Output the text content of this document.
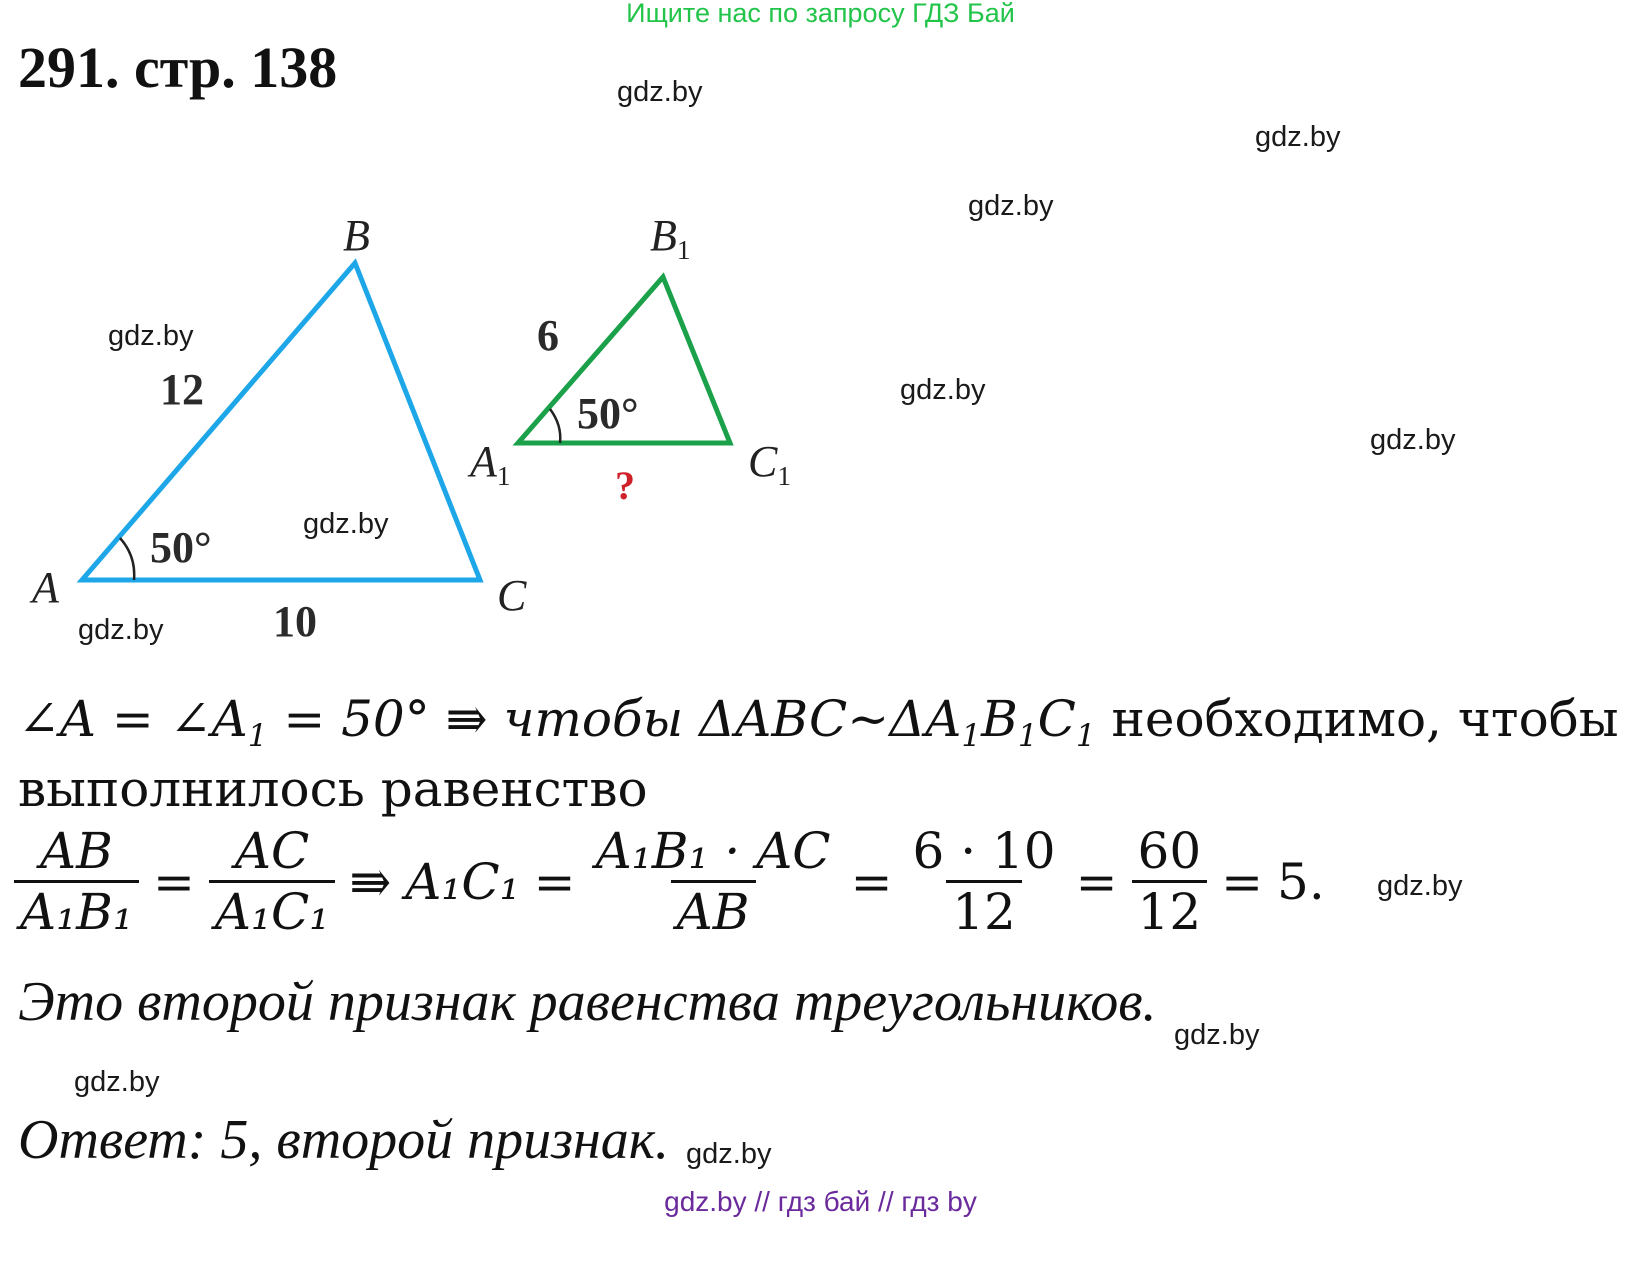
Ищите нас по запросу ГДЗ Бай
291. стр. 138	gdz.by
gdz.by
gdz.by
gdz.by
gdz.by
gdz.by
gdz.by
gdz.by
gdz.by
gdz.by
gdz.by
gdz.by
B
A	C
12
10
50°
B1
A1	C1
6
50°
?
∠A = ∠A1 = 50° ⇛ чтобы ΔABC~ΔA1B1C1 необходимо, чтобы
выполнилось равенство
$\frac{AB}{\text{A₁B₁}} = \frac{AC}{\text{A₁C₁}}$ ⇛ $A_1C_1 = \frac{\text{A₁B₁ · AC}}{AB} = \frac{6 \cdot 10}{12} = \frac{60}{12} = 5$.
Это второй признак равенства треугольников.
Ответ: 5, второй признак.
gdz.by // гдз бай // гдз by
